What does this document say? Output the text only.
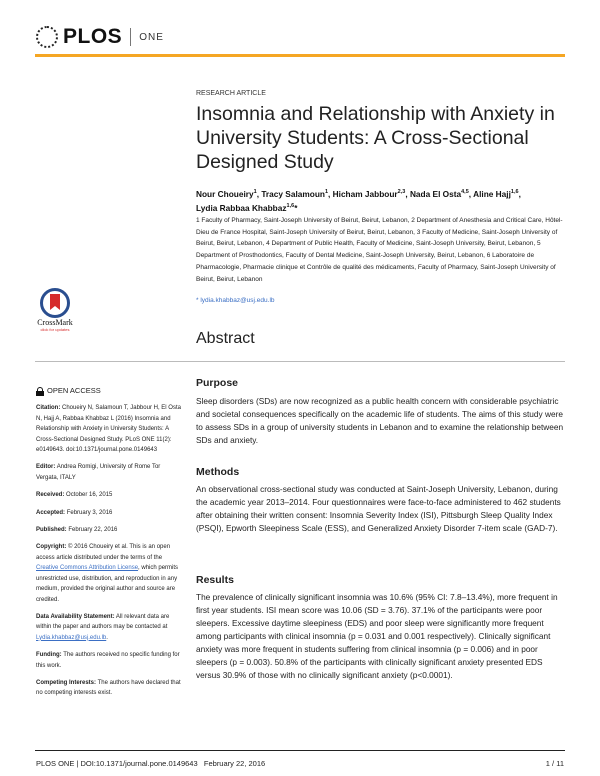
PLOS ONE
RESEARCH ARTICLE
Insomnia and Relationship with Anxiety in University Students: A Cross-Sectional Designed Study
Nour Choueiry$^1$, Tracy Salamoun$^1$, Hicham Jabbour$^{2,3}$, Nada El Osta$^{4,5}$, Aline Hajj$^{1,6}$,
Lydia Rabbaa Khabbaz$^{1,6}$*
1 Faculty of Pharmacy, Saint-Joseph University of Beirut, Beirut, Lebanon, 2 Department of Anesthesia and Critical Care, Hôtel-Dieu de France Hospital, Saint-Joseph University of Beirut, Beirut, Lebanon, 3 Faculty of Medicine, Saint-Joseph University of Beirut, Beirut, Lebanon, 4 Department of Public Health, Faculty of Medicine, Saint-Joseph University, Beirut, Lebanon, 5 Department of Prosthodontics, Faculty of Dental Medicine, Saint-Joseph University, Beirut, Lebanon, 6 Laboratoire de Pharmacologie, Pharmacie clinique et Contrôle de qualité des médicaments, Faculty of Pharmacy, Saint-Joseph University of Beirut, Beirut, Lebanon
* lydia.khabbaz@usj.edu.lb
CrossMark
click for updates
Abstract
Purpose
Sleep disorders (SDs) are now recognized as a public health concern with considerable psychiatric and societal consequences specifically on the academic life of students. The aims of this study were to assess SDs in a group of university students in Lebanon and to examine the relationship between SDs and anxiety.
Methods
An observational cross-sectional study was conducted at Saint-Joseph University, Lebanon, during the academic year 2013–2014. Four questionnaires were face-to-face administered to 462 students after obtaining their written consent: Insomnia Severity Index (ISI), Pittsburgh Sleep Quality Index (PSQI), Epworth Sleepiness Scale (ESS), and Generalized Anxiety Disorder 7-item scale (GAD-7).
Results
The prevalence of clinically significant insomnia was 10.6% (95% CI: 7.8–13.4%), more frequent in first year students. ISI mean score was 10.06 (SD = 3.76). 37.1% of the participants were poor sleepers. Excessive daytime sleepiness (EDS) and poor sleep were significantly more frequent among participants with clinical insomnia (p = 0.031 and 0.001 respectively). Clinically significant anxiety was more frequent in students suffering from clinical insomnia (p = 0.006) and in poor sleepers (p = 0.003). 50.8% of the participants with clinically significant anxiety presented EDS versus 30.9% of those with no clinically significant anxiety (p<0.0001).
OPEN ACCESS

Citation: Choueiry N, Salamoun T, Jabbour H, El Osta N, Hajj A, Rabbaa Khabbaz L (2016) Insomnia and Relationship with Anxiety in University Students: A Cross-Sectional Designed Study. PLoS ONE 11(2): e0149643. doi:10.1371/journal.pone.0149643

Editor: Andrea Romigi, University of Rome Tor Vergata, ITALY

Received: October 16, 2015

Accepted: February 3, 2016

Published: February 22, 2016

Copyright: © 2016 Choueiry et al. This is an open access article distributed under the terms of the Creative Commons Attribution License, which permits unrestricted use, distribution, and reproduction in any medium, provided the original author and source are credited.

Data Availability Statement: All relevant data are within the paper and authors may be contacted at Lydia.khabbaz@usj.edu.lb.

Funding: The authors received no specific funding for this work.

Competing Interests: The authors have declared that no competing interests exist.

PLOS ONE | DOI:10.1371/journal.pone.0149643   February 22, 2016	1 / 11
